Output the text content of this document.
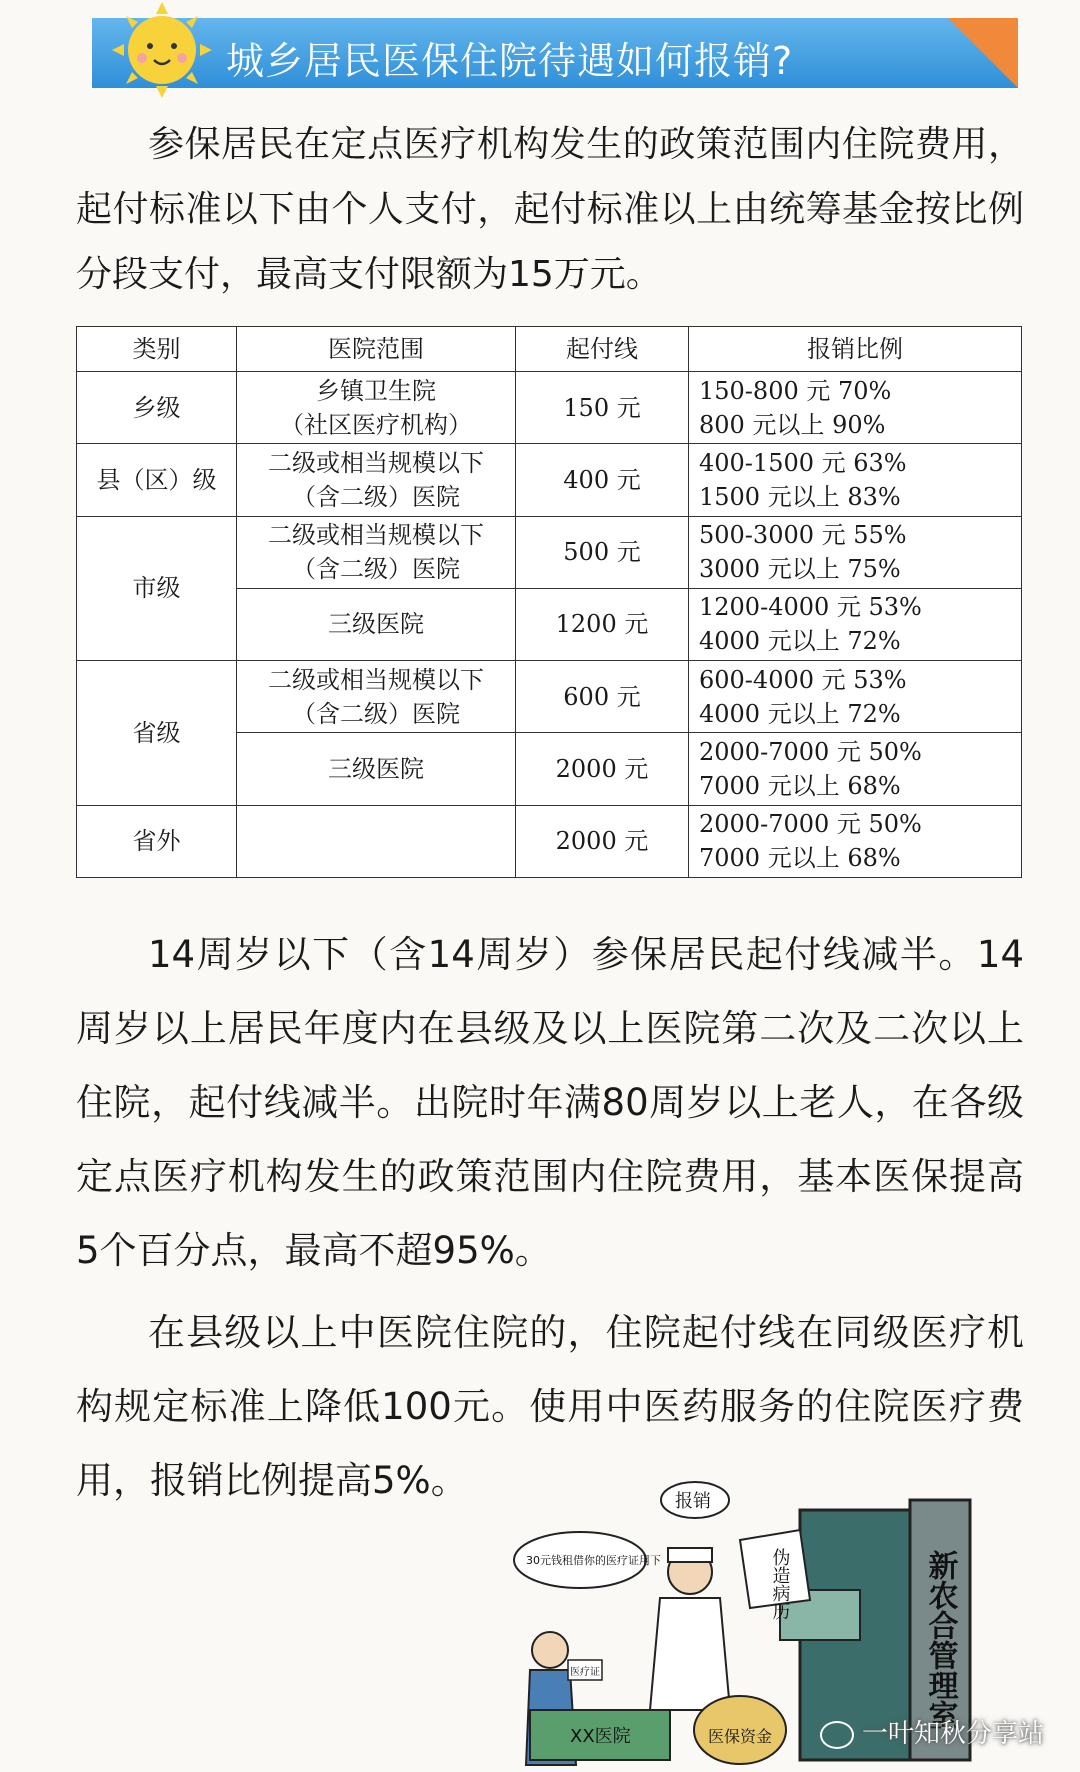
城乡居民医保住院待遇如何报销?
参保居民在定点医疗机构发生的政策范围内住院费用，起付标准以下由个人支付，起付标准以上由统筹基金按比例分段支付，最高支付限额为15万元。
类别	医院范围	起付线	报销比例
乡级	乡镇卫生院
（社区医疗机构）	150 元	150-800 元 70%
800 元以上 90%

县（区）级	二级或相当规模以下
（含二级）医院	400 元	400-1500 元 63%
1500 元以上 83%

市级	二级或相当规模以下
（含二级）医院	500 元	500-3000 元 55%
3000 元以上 75%

	三级医院	1200 元	1200-4000 元 53%
4000 元以上 72%

省级	二级或相当规模以下
（含二级）医院	600 元	600-4000 元 53%
4000 元以上 72%

	三级医院	2000 元	2000-7000 元 50%
7000 元以上 68%

省外		2000 元	2000-7000 元 50%
7000 元以上 68%
14周岁以下（含14周岁）参保居民起付线减半。14周岁以上居民年度内在县级及以上医院第二次及二次以上住院，起付线减半。出院时年满80周岁以上老人，在各级定点医疗机构发生的政策范围内住院费用，基本医保提高5个百分点，最高不超95%。
在县级以上中医院住院的，住院起付线在同级医疗机构规定标准上降低100元。使用中医药服务的住院医疗费用，报销比例提高5%。
新农合管理室
伪造病历
报销
30元钱租借你的医疗证用下
医疗证
XX医院	医保资金	一叶知秋分享站
